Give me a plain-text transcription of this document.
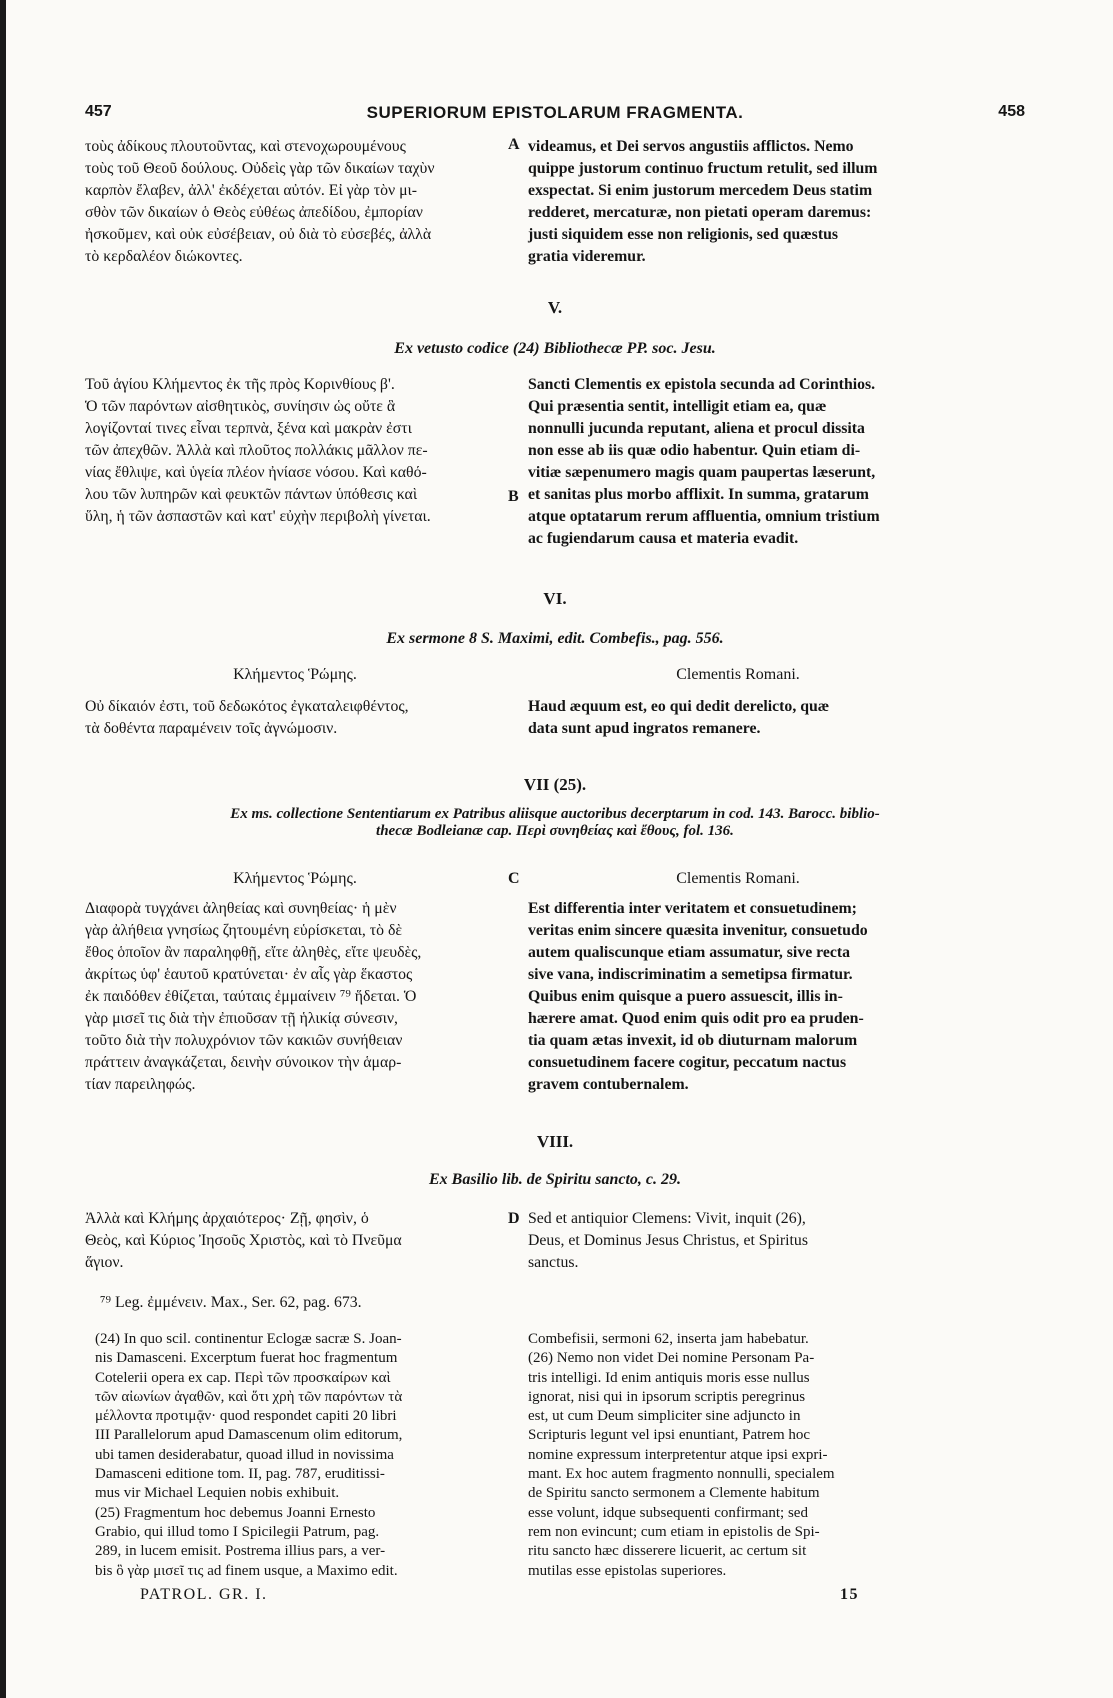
457	SUPERIORUM EPISTOLARUM FRAGMENTA.	458
τοὺς ἀδίκους πλουτοῦντας, καὶ στενοχωρουμένους
τοὺς τοῦ Θεοῦ δούλους. Οὐδεὶς γὰρ τῶν δικαίων ταχὺν
καρπὸν ἔλαβεν, ἀλλ' ἐκδέχεται αὐτόν. Εἰ γὰρ τὸν μι-
σθὸν τῶν δικαίων ὁ Θεὸς εὐθέως ἀπεδίδου, ἐμπορίαν
ἠσκοῦμεν, καὶ οὐκ εὐσέβειαν, οὐ διὰ τὸ εὐσεβές, ἀλλὰ
τὸ κερδαλέον διώκοντες.
A videamus, et Dei servos angustiis afflictos. Nemo
quippe justorum continuo fructum retulit, sed illum
exspectat. Si enim justorum mercedem Deus statim
redderet, mercaturæ, non pietati operam daremus:
justi siquidem esse non religionis, sed quæstus
gratia videremur.
V.
Ex vetusto codice (24) Bibliothecæ PP. soc. Jesu.
Τοῦ ἁγίου Κλήμεντος ἐκ τῆς πρὸς Κορινθίους β'.
Ὁ τῶν παρόντων αἰσθητικὸς, συνίησιν ὡς οὔτε ἃ
λογίζονταί τινες εἶναι τερπνὰ, ξένα καὶ μακρὰν ἐστι
τῶν ἀπεχθῶν. Ἀλλὰ καὶ πλοῦτος πολλάκις μᾶλλον πε-
νίας ἔθλιψε, καὶ ὑγεία πλέον ἠνίασε νόσου. Καὶ καθό-
λου τῶν λυπηρῶν καὶ φευκτῶν πάντων ὑπόθεσις καὶ
ὕλη, ἡ τῶν ἀσπαστῶν καὶ κατ' εὐχὴν περιβολὴ γίνεται.
B
Sancti Clementis ex epistola secunda ad Corinthios.
Qui præsentia sentit, intelligit etiam ea, quæ
nonnulli jucunda reputant, aliena et procul dissita
non esse ab iis quæ odio habentur. Quin etiam di-
vitiæ sæpenumero magis quam paupertas læserunt,
et sanitas plus morbo afflixit. In summa, gratarum
atque optatarum rerum affluentia, omnium tristium
ac fugiendarum causa et materia evadit.
VI.
Ex sermone 8 S. Maximi, edit. Combefis., pag. 556.
Κλήμεντος Ῥώμης.	Clementis Romani.
Οὐ δίκαιόν ἐστι, τοῦ δεδωκότος ἐγκαταλειφθέντος,
τὰ δοθέντα παραμένειν τοῖς ἀγνώμοσιν.
Haud æquum est, eo qui dedit derelicto, quæ
data sunt apud ingratos remanere.
VII (25).
Ex ms. collectione Sententiarum ex Patribus aliisque auctoribus decerptarum in cod. 143. Barocc. biblio-
thecæ Bodleianæ cap. Περὶ συνηθείας καὶ ἔθους, fol. 136.
Κλήμεντος Ῥώμης.	C	Clementis Romani.
Διαφορὰ τυγχάνει ἀληθείας καὶ συνηθείας· ἡ μὲν
γὰρ ἀλήθεια γνησίως ζητουμένη εὑρίσκεται, τὸ δὲ
ἔθος ὁποῖον ἂν παραληφθῇ, εἴτε ἀληθὲς, εἴτε ψευδὲς,
ἀκρίτως ὑφ' ἑαυτοῦ κρατύνεται· ἐν αἷς γὰρ ἕκαστος
ἐκ παιδόθεν ἐθίζεται, ταύταις ἐμμαίνειν ⁷⁹ ἥδεται. Ὁ
γὰρ μισεῖ τις διὰ τὴν ἐπιοῦσαν τῇ ἡλικίᾳ σύνεσιν,
τοῦτο διὰ τὴν πολυχρόνιον τῶν κακιῶν συνήθειαν
πράττειν ἀναγκάζεται, δεινὴν σύνοικον τὴν ἁμαρ-
τίαν παρειληφώς.
Est differentia inter veritatem et consuetudinem;
veritas enim sincere quæsita invenitur, consuetudo
autem qualiscunque etiam assumatur, sive recta
sive vana, indiscriminatim a semetipsa firmatur.
Quibus enim quisque a puero assuescit, illis in-
hærere amat. Quod enim quis odit pro ea pruden-
tia quam ætas invexit, id ob diuturnam malorum
consuetudinem facere cogitur, peccatum nactus
gravem contubernalem.
VIII.
Ex Basilio lib. de Spiritu sancto, c. 29.
Ἀλλὰ καὶ Κλήμης ἀρχαιότερος· Ζῇ, φησὶν, ὁ
Θεὸς, καὶ Κύριος Ἰησοῦς Χριστὸς, καὶ τὸ Πνεῦμα
ἅγιον.
D Sed et antiquior Clemens: Vivit, inquit (26),
Deus, et Dominus Jesus Christus, et Spiritus
sanctus.
⁷⁹ Leg. ἐμμένειν. Max., Ser. 62, pag. 673.
(24) In quo scil. continentur Eclogæ sacræ S. Joan-
nis Damasceni. Excerptum fuerat hoc fragmentum
Cotelerii opera ex cap. Περὶ τῶν προσκαίρων καὶ
τῶν αἰωνίων ἀγαθῶν, καὶ ὅτι χρὴ τῶν παρόντων τὰ
μέλλοντα προτιμᾷν· quod respondet capiti 20 libri
III Parallelorum apud Damascenum olim editorum,
ubi tamen desiderabatur, quoad illud in novissima
Damasceni editione tom. II, pag. 787, eruditissi-
mus vir Michael Lequien nobis exhibuit.
(25) Fragmentum hoc debemus Joanni Ernesto
Grabio, qui illud tomo I Spicilegii Patrum, pag.
289, in lucem emisit. Postrema illius pars, a ver-
bis ὃ γὰρ μισεῖ τις ad finem usque, a Maximo edit.
Combefisii, sermoni 62, inserta jam habebatur.
(26) Nemo non videt Dei nomine Personam Pa-
tris intelligi. Id enim antiquis moris esse nullus
ignorat, nisi qui in ipsorum scriptis peregrinus
est, ut cum Deum simpliciter sine adjuncto in
Scripturis legunt vel ipsi enuntiant, Patrem hoc
nomine expressum interpretentur atque ipsi expri-
mant. Ex hoc autem fragmento nonnulli, specialem
de Spiritu sancto sermonem a Clemente habitum
esse volunt, idque subsequenti confirmant; sed
rem non evincunt; cum etiam in epistolis de Spi-
ritu sancto hæc disserere licuerit, ac certum sit
mutilas esse epistolas superiores.
PATROL. GR. I.	15
